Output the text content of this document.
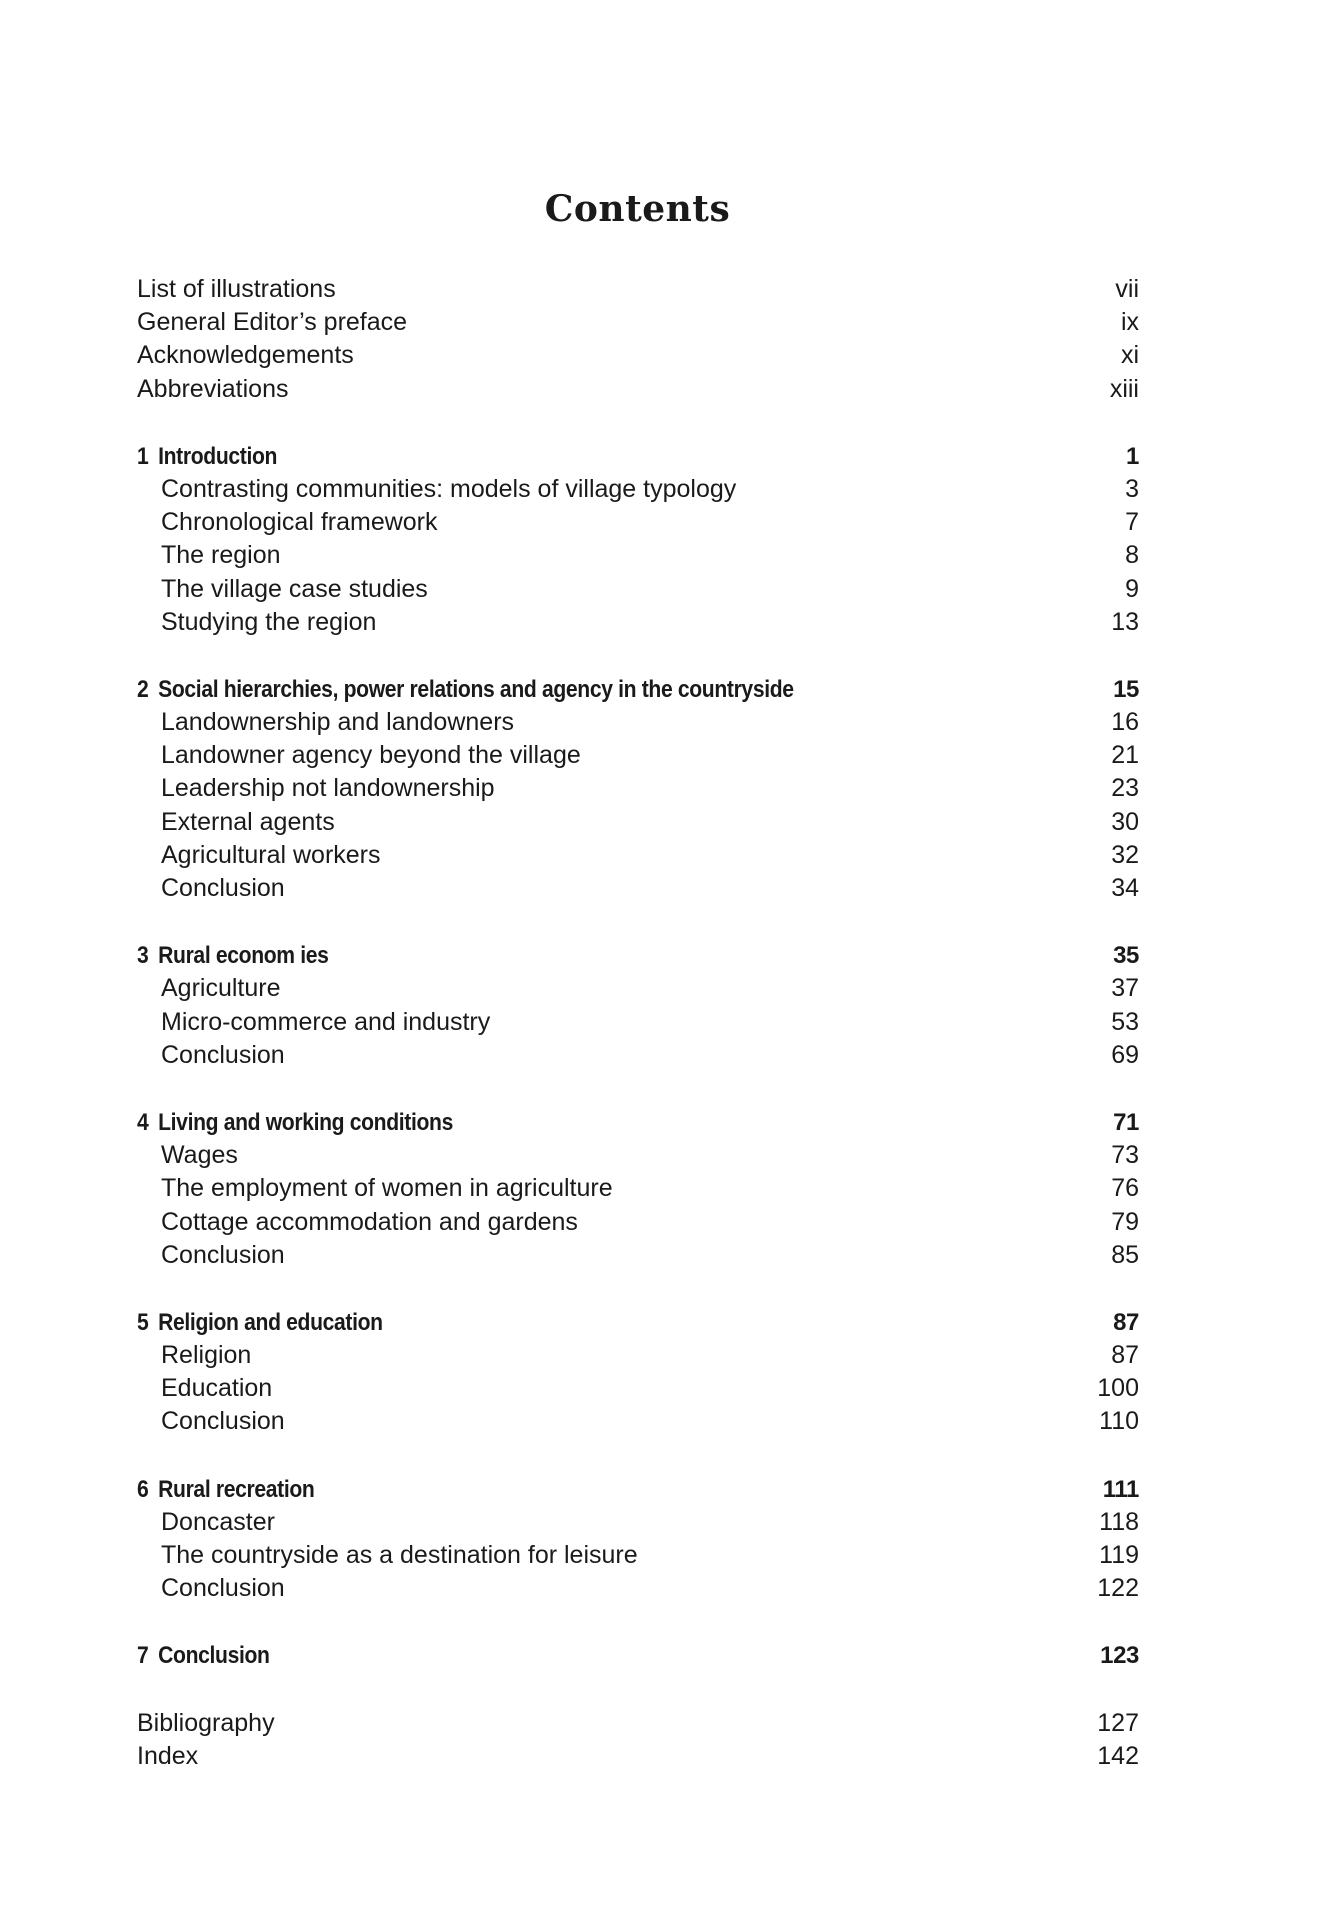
Contents
List of illustrations	vii
General Editor’s preface	ix
Acknowledgements	xi
Abbreviations	xiii
1 Introduction	1
Contrasting communities: models of village typology	3
Chronological framework	7
The region	8
The village case studies	9
Studying the region	13
2 Social hierarchies, power relations and agency in the countryside	15
Landownership and landowners	16
Landowner agency beyond the village	21
Leadership not landownership	23
External agents	30
Agricultural workers	32
Conclusion	34
3 Rural econom ies	35
Agriculture	37
Micro-commerce and industry	53
Conclusion	69
4 Living and working conditions	71
Wages	73
The employment of women in agriculture	76
Cottage accommodation and gardens	79
Conclusion	85
5 Religion and education	87
Religion	87
Education	100
Conclusion	110
6 Rural recreation	111
Doncaster	118
The countryside as a destination for leisure	119
Conclusion	122
7 Conclusion	123
Bibliography	127
Index	142
